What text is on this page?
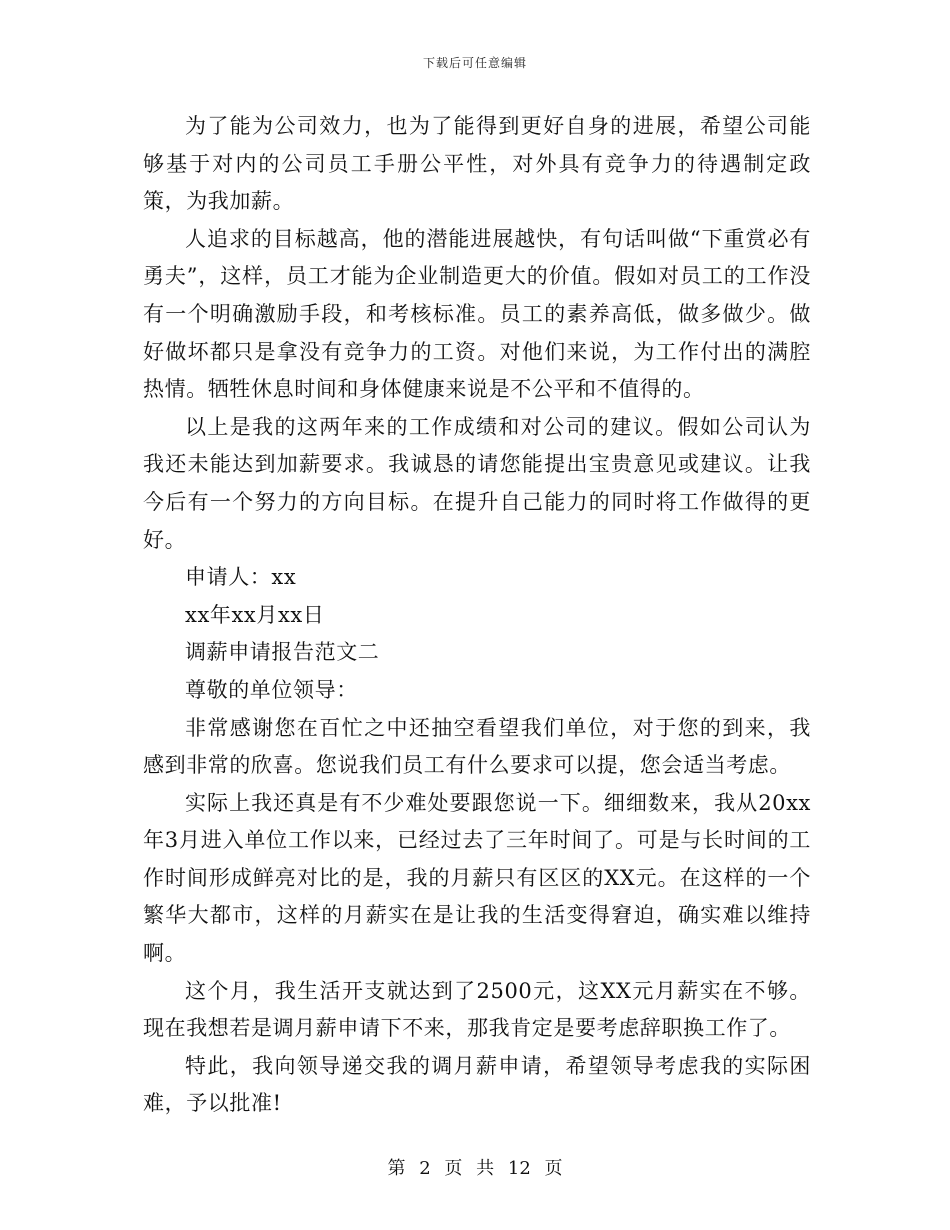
下载后可任意编辑

为了能为公司效力，也为了能得到更好自身的进展，希望公司能够基于对内的公司员工手册公平性，对外具有竞争力的待遇制定政策，为我加薪。

人追求的目标越高，他的潜能进展越快，有句话叫做“下重赏必有勇夫”，这样，员工才能为企业制造更大的价值。假如对员工的工作没有一个明确激励手段，和考核标准。员工的素养高低，做多做少。做好做坏都只是拿没有竞争力的工资。对他们来说，为工作付出的满腔热情。牺牲休息时间和身体健康来说是不公平和不值得的。

以上是我的这两年来的工作成绩和对公司的建议。假如公司认为我还未能达到加薪要求。我诚恳的请您能提出宝贵意见或建议。让我今后有一个努力的方向目标。在提升自己能力的同时将工作做得的更好。

申请人：xx

xx年xx月xx日

调薪申请报告范文二

尊敬的单位领导：

非常感谢您在百忙之中还抽空看望我们单位，对于您的到来，我感到非常的欣喜。您说我们员工有什么要求可以提，您会适当考虑。

实际上我还真是有不少难处要跟您说一下。细细数来，我从20xx年3月进入单位工作以来，已经过去了三年时间了。可是与长时间的工作时间形成鲜亮对比的是，我的月薪只有区区的XX元。在这样的一个繁华大都市，这样的月薪实在是让我的生活变得窘迫，确实难以维持啊。

这个月，我生活开支就达到了2500元，这XX元月薪实在不够。现在我想若是调月薪申请下不来，那我肯定是要考虑辞职换工作了。

特此，我向领导递交我的调月薪申请，希望领导考虑我的实际困难，予以批准!

第 2 页 共 12 页
